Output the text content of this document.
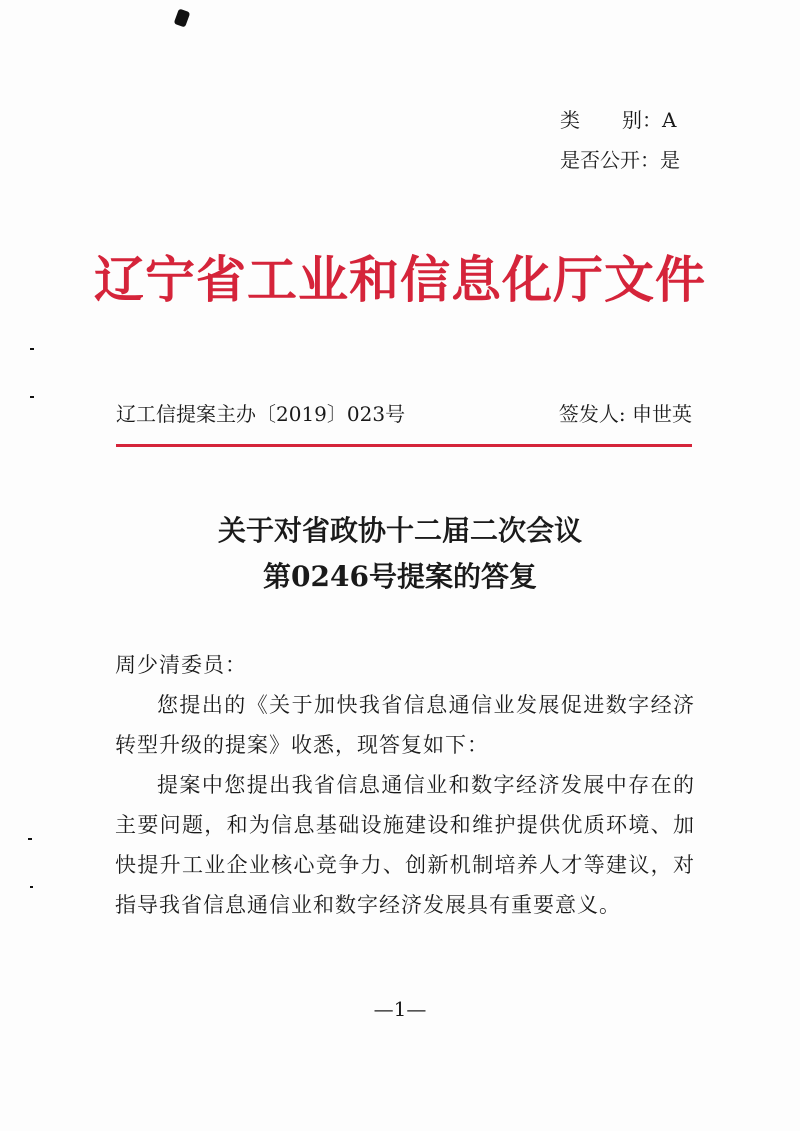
类 别 ： A
是否公开： 是
辽宁省工业和信息化厅文件
辽工信提案主办〔2019〕023号	签发人: 申世英
关于对省政协十二届二次会议
第0246号提案的答复

周少清委员：

您提出的《关于加快我省信息通信业发展促进数字经济转型升级的提案》收悉，现答复如下：

提案中您提出我省信息通信业和数字经济发展中存在的主要问题，和为信息基础设施建设和维护提供优质环境、加快提升工业企业核心竞争力、创新机制培养人才等建议，对指导我省信息通信业和数字经济发展具有重要意义。

—1—
